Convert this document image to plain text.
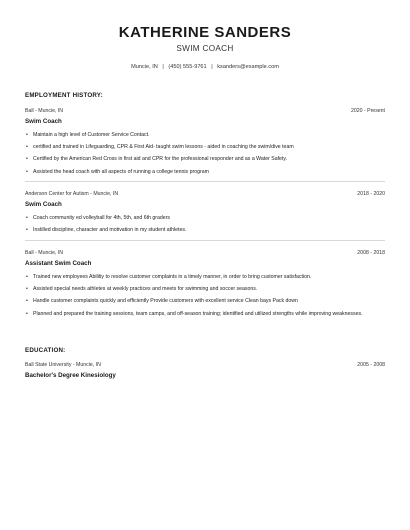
KATHERINE SANDERS
SWIM COACH
Muncie, IN | (450) 555-9761 | ksanders@example.com
EMPLOYMENT HISTORY:
Ball - Muncie, IN	2020 - Present
Swim Coach
• Maintain a high level of Customer Service Contact.
• certified and trained in Lifeguarding, CPR & First Aid- taught swim lessons - aided in coaching the swim/dive team
• Certified by the American Red Cross in first aid and CPR for the professional responder and as a Water Safety.
• Assisted the head coach with all aspects of running a college tennis program
Anderson Center for Autism - Muncie, IN	2018 - 2020
Swim Coach
• Coach community ed volleyball for 4th, 5th, and 6th graders
• Instilled discipline, character and motivation in my student athletes.
Ball - Muncie, IN	2008 - 2018
Assistant Swim Coach
• Trained new employees Abilitiy to resolve customer complaints in a timely manner, in order to bring customer satisfaction.
• Assisted special needs athletes at weekly practices and meets for swimming and soccer seasons.
• Handle customer complaints quickly and efficiently Provide customers with excellent service Clean bays Pack down
• Planned and prepared the training sessions, team camps, and off-season training; identified and utilized strengths while improving weaknesses.
EDUCATION:
Ball State University - Muncie, IN	2005 - 2008
Bachelor's Degree Kinesiology
